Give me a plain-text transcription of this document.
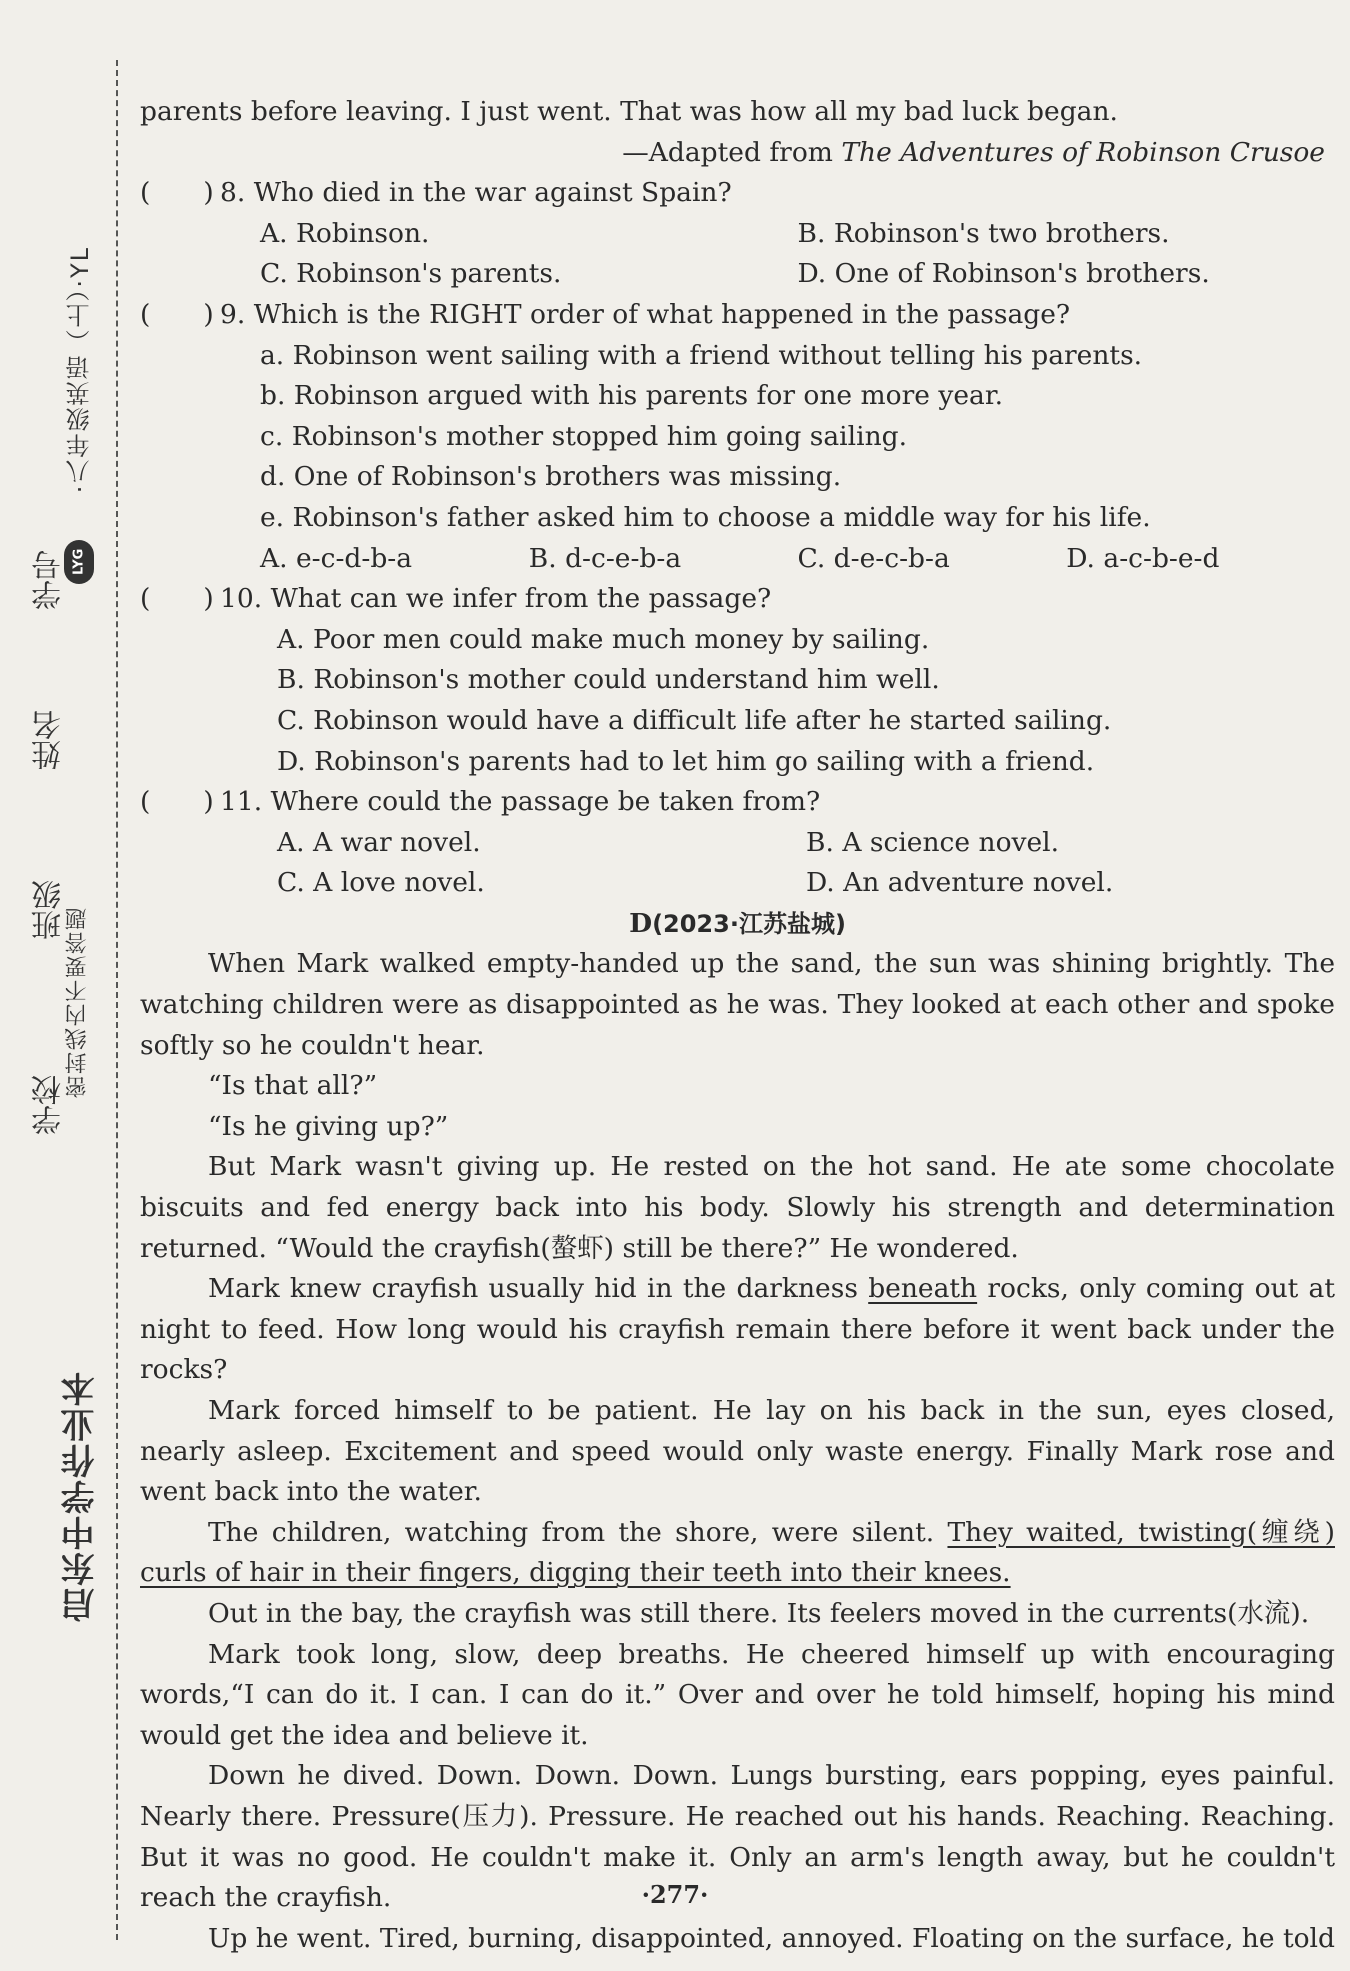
·八年级英语（上）·YL
LYG
学号
姓名
密封线内不要答题
班级
学校
启东中学作业本
parents before leaving. I just went. That was how all my bad luck began.
—Adapted from The Adventures of Robinson Crusoe
(　　) 8. Who died in the war against Spain?
A. Robinson.	B. Robinson's two brothers.
C. Robinson's parents.	D. One of Robinson's brothers.
(　　) 9. Which is the RIGHT order of what happened in the passage?
a. Robinson went sailing with a friend without telling his parents.
b. Robinson argued with his parents for one more year.
c. Robinson's mother stopped him going sailing.
d. One of Robinson's brothers was missing.
e. Robinson's father asked him to choose a middle way for his life.
A. e-c-d-b-a	B. d-c-e-b-a	C. d-e-c-b-a	D. a-c-b-e-d
(　　) 10. What can we infer from the passage?
A. Poor men could make much money by sailing.
B. Robinson's mother could understand him well.
C. Robinson would have a difficult life after he started sailing.
D. Robinson's parents had to let him go sailing with a friend.
(　　) 11. Where could the passage be taken from?
A. A war novel.	B. A science novel.
C. A love novel.	D. An adventure novel.
D(2023·江苏盐城)
When Mark walked empty-handed up the sand, the sun was shining brightly. The watching children were as disappointed as he was. They looked at each other and spoke softly so he couldn't hear.
“Is that all?”
“Is he giving up?”
But Mark wasn't giving up. He rested on the hot sand. He ate some chocolate biscuits and fed energy back into his body. Slowly his strength and determination returned. “Would the crayfish(螯虾) still be there?” He wondered.
Mark knew crayfish usually hid in the darkness beneath rocks, only coming out at night to feed. How long would his crayfish remain there before it went back under the rocks?
Mark forced himself to be patient. He lay on his back in the sun, eyes closed, nearly asleep. Excitement and speed would only waste energy. Finally Mark rose and went back into the water.
The children, watching from the shore, were silent. They waited, twisting(缠绕) curls of hair in their fingers, digging their teeth into their knees.
Out in the bay, the crayfish was still there. Its feelers moved in the currents(水流).
Mark took long, slow, deep breaths. He cheered himself up with encouraging words,“I can do it. I can. I can do it.” Over and over he told himself, hoping his mind would get the idea and believe it.
Down he dived. Down. Down. Down. Lungs bursting, ears popping, eyes painful. Nearly there. Pressure(压力). Pressure. He reached out his hands. Reaching. Reaching. But it was no good. He couldn't make it. Only an arm's length away, but he couldn't reach the crayfish.
Up he went. Tired, burning, disappointed, annoyed. Floating on the surface, he told
·277·
